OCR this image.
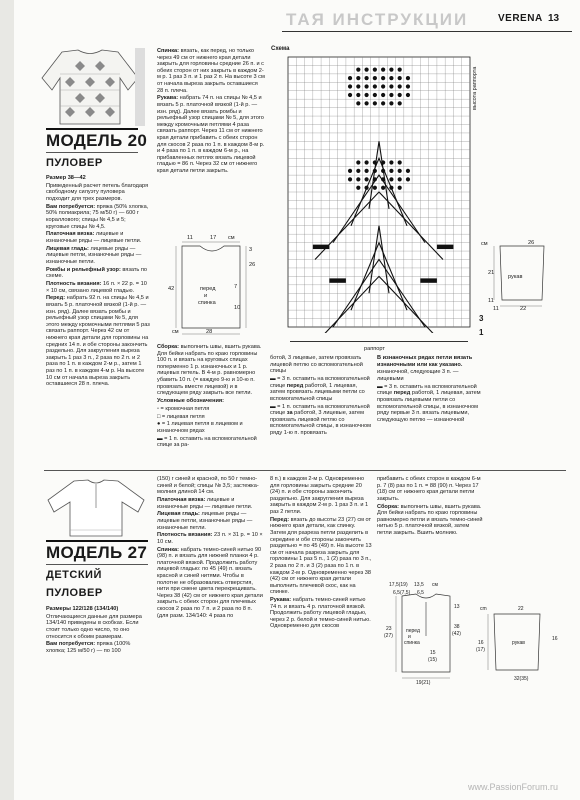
ТАЯ ИНСТРУКЦИИ	VERENA 13
МОДЕЛЬ 20
ПУЛОВЕР

Размер 38—42

Приведенный расчет петель благодаря свободному силуэту пуловера подходит для трех размеров.

Вам потребуется: пряжа (50% хлопка, 50% полиакрила; 75 м/50 г) — 600 г кораллового; спицы № 4,5 и 5; круговые спицы № 4,5.

Платочная вязка: лицевые и изнаночные ряды — лицевые петли.

Лицевая гладь: лицевые ряды — лицевые петли, изнаночные ряды — изнаночные петли.

Ромбы и рельефный узор: вязать по схеме.

Плотность вязания: 16 п. × 22 р. = 10 × 10 см, связано лицевой гладью.

Перед: набрать 92 п. на спицы № 4,5 и вязать 5 р. платочной вязкой (1-й р. — изн. ряд). Далее вязать ромбы и рельефный узор спицами № 5, для этого между кромочными петлями 5 раз связать раппорт. Через 42 см от нижнего края детали для горловины на средних 14 п. и обе стороны закончить раздельно. Для закругления выреза закрыть 1 раз 3 п., 2 раза по 2 п. и 2 раза по 1 п. в каждом 2-м р., затем 1 раз по 1 п. в каждом 4-м р. На высоте 10 см от начала выреза закрыть оставшиеся 28 п. плеча.

Спинка: вязать, как перед, но только через 49 см от нижнего края детали закрыть для горловины средние 26 п. и с обеих сторон от них закрыть в каждом 2-м р. 1 раз 3 п. и 1 раз 2 п. На высоте 3 см от начала выреза закрыть оставшиеся 28 п. плеча.

Рукава: набрать 74 п. на спицы № 4,5 и вязать 5 р. платочной вязкой (1-й р. — изн. ряд). Далее вязать ромбы и рельефный узор спицами № 5, для этого между кромочными петлями 4 раза связать раппорт. Через 11 см от нижнего края детали прибавить с обеих сторон для скосов 2 раза по 1 п. в каждом 8-м р. и 4 раза по 1 п. в каждом 6-м р., на прибавленных петлях вязать лицевой гладью = 86 п. Через 32 см от нижнего края детали петли закрыть.

11	17 см
3
26
7
10
42	перед
и
спинка
28
см

Сборка: выполнить швы, вшить рукава. Для бейки набрать по краю горловины 100 п. и вязать на круговых спицах поперменно 1 р. изнаночных и 1 р. лицевых петель. В 4-м р. равномерно убавить 10 п. (= каждую 9-ю и 10-ю п. провязать вместе лицевой) и в следующем ряду закрыть все петли.

Условные обозначения:

▫ = кромочная петля

□ = лицевая петля

● = 1 лицевая петля в лицевом и изнаночном рядах

▬ = 1 п. оставить на вспомогательной спице за ра-

Схема
высота раппорта
раппорт
3
1
см	26
рукав
11
21
11	22

ботой, 3 лицевые, затем провязать лицевой петлю со вспомогательной спицы

▬ = 3 п. оставить на вспомогательной спице перед работой, 1 лицевая, затем провязать лицевыми петли со вспомогательной спицы

▬ = 1 п. оставить на вспомогательной спице за работой, 3 лицевые, затем провязать лицевой петлю со вспомогательной спицы, в изнаночном ряду 1-ю п. провязать

В изнаночных рядах петли вязать изнаночными или как указано.

изнаночной, следующие 3 п. — лицевыми

▬ = 3 п. оставить на вспомогательной спице перед работой, 1 лицевая, затем провязать лицевыми петли со вспомогательной спицы, в изнаночном ряду первые 3 п. вязать лицевыми, следующую петлю — изнаночной

МОДЕЛЬ 27
ДЕТСКИЙ
ПУЛОВЕР

Размеры 122/128 (134/140)

Отличающиеся данные для размера 134/140 приведены в скобках. Если стоит только одно число, то оно относится к обоим размерам.

Вам потребуется: пряжа (100% хлопка; 125 м/50 г) — по 100

(150) г синей и красной, по 50 г темно-синей и белой; спицы № 3,5; застежка-молния длиной 14 см.

Платочная вязка: лицевые и изнаночные ряды — лицевые петли.

Лицевая гладь: лицевые ряды — лицевые петли, изнаночные ряды — изнаночные петли.

Плотность вязания: 23 п. × 31 р. = 10 × 10 см.

Спинка: набрать темно-синей нитью 90 (98) п. и вязать для нижней планки 4 р. платочной вязкой. Продолжить работу лицевой гладью: по 45 (49) п. вязать красной и синей нитями. Чтобы в полотне не образовались отверстия, нити при смене цвета перекрещивать. Через 38 (42) см от нижнего края детали закрыть с обеих сторон для плечевых скосов 2 раза по 7 п. и 2 раза по 8 п. (для разм. 134/140: 4 раза по

8 п.) в каждом 2-м р. Одновременно для горловины закрыть средние 20 (24) п. и обе стороны закончить раздельно. Для закругления выреза закрыть в каждом 2-м р. 1 раз 3 п. и 1 раз 2 петли.

Перед: вязать до высоты 23 (27) см от нижнего края детали, как спинку. Затем для разреза петли разделить в середине и обе стороны закончить раздельно = по 45 (49) п. На высоте 13 см от начала разреза закрыть для горловины 1 раз 5 п., 1 (2) раза по 3 п., 2 раза по 2 п. и 3 (2) раза по 1 п. в каждом 2-м р. Одновременно через 38 (42) см от нижнего края детали выполнить плечевой скос, как на спинке.

Рукава: набрать темно-синей нитью 74 п. и вязать 4 р. платочной вязкой. Продолжить работу лицевой гладью, через 2 р. белой и темно-синей нитью. Одновременно для скосов

прибавить с обеих сторон в каждом 6-м р. 7 (8) раз по 1 п. = 88 (90) п. Через 17 (18) см от нижнего края детали петли закрыть.

Сборка: выполнить швы, вшить рукава. Для бейки набрать по краю горловины равномерно петли и вязать темно-синей нитью 5 р. платочной вязкой, затем петли закрыть. Вшить молнию.

17,5(19) 13,5 см
6,5(7,5) 6,5
перед
и
спинка
23
(27)
15
(15)
38
(42)
13
19(21)
рукав
16
(17)
32(35)
22
сm
16
www.PassionForum.ru
